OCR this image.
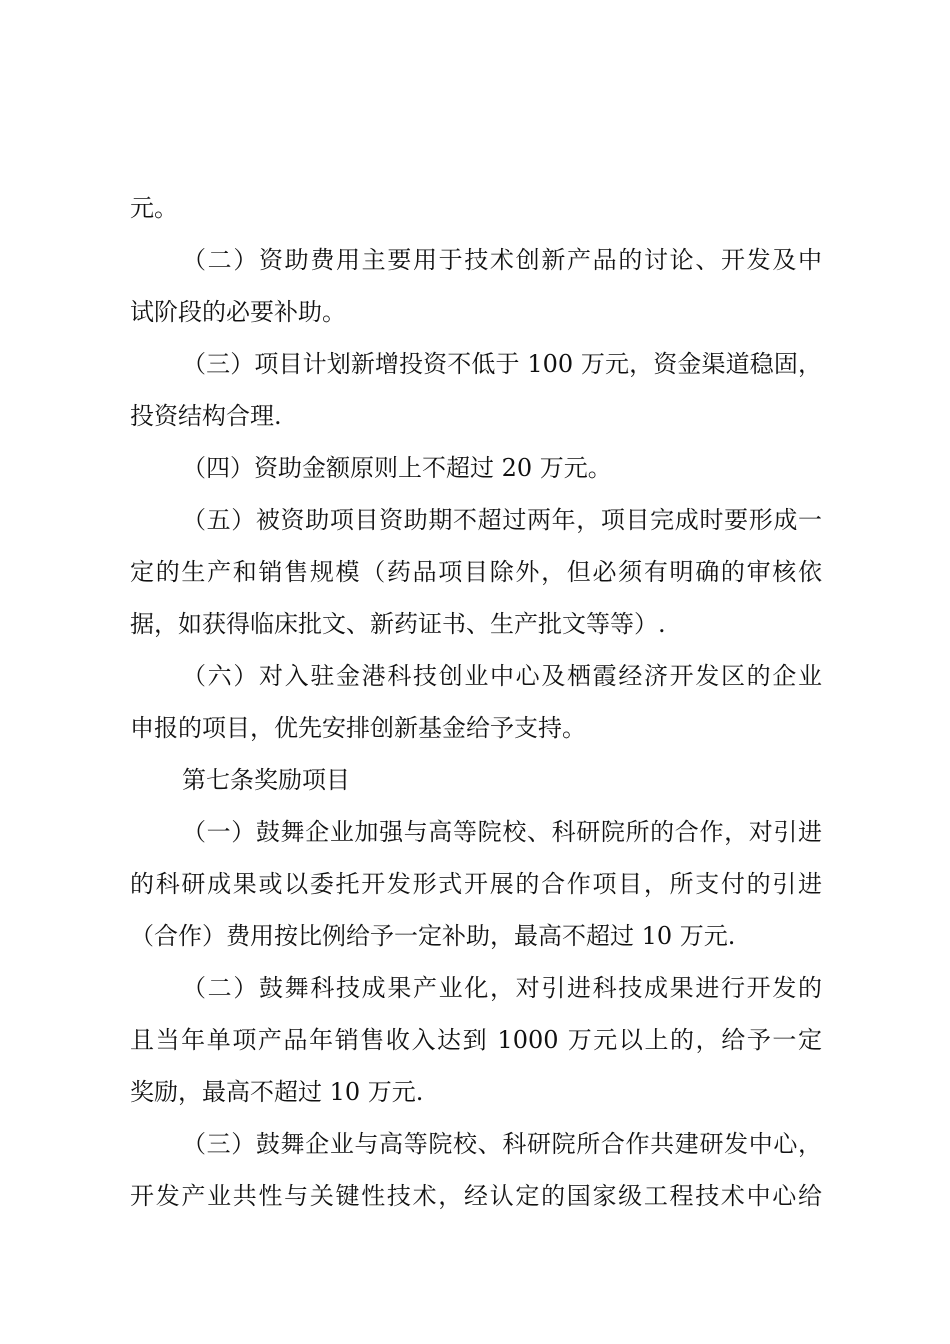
元。
（二）资助费用主要用于技术创新产品的讨论、开发及中
试阶段的必要补助。
（三）项目计划新增投资不低于 100 万元，资金渠道稳固，
投资结构合理.
（四）资助金额原则上不超过 20 万元。
（五）被资助项目资助期不超过两年，项目完成时要形成一
定的生产和销售规模（药品项目除外，但必须有明确的审核依
据，如获得临床批文、新药证书、生产批文等等）.
（六）对入驻金港科技创业中心及栖霞经济开发区的企业
申报的项目，优先安排创新基金给予支持。
第七条奖励项目
（一）鼓舞企业加强与高等院校、科研院所的合作，对引进
的科研成果或以委托开发形式开展的合作项目，所支付的引进
（合作）费用按比例给予一定补助，最高不超过 10 万元.
（二）鼓舞科技成果产业化，对引进科技成果进行开发的
且当年单项产品年销售收入达到 1000 万元以上的，给予一定
奖励，最高不超过 10 万元.
（三）鼓舞企业与高等院校、科研院所合作共建研发中心，
开发产业共性与关键性技术，经认定的国家级工程技术中心给
